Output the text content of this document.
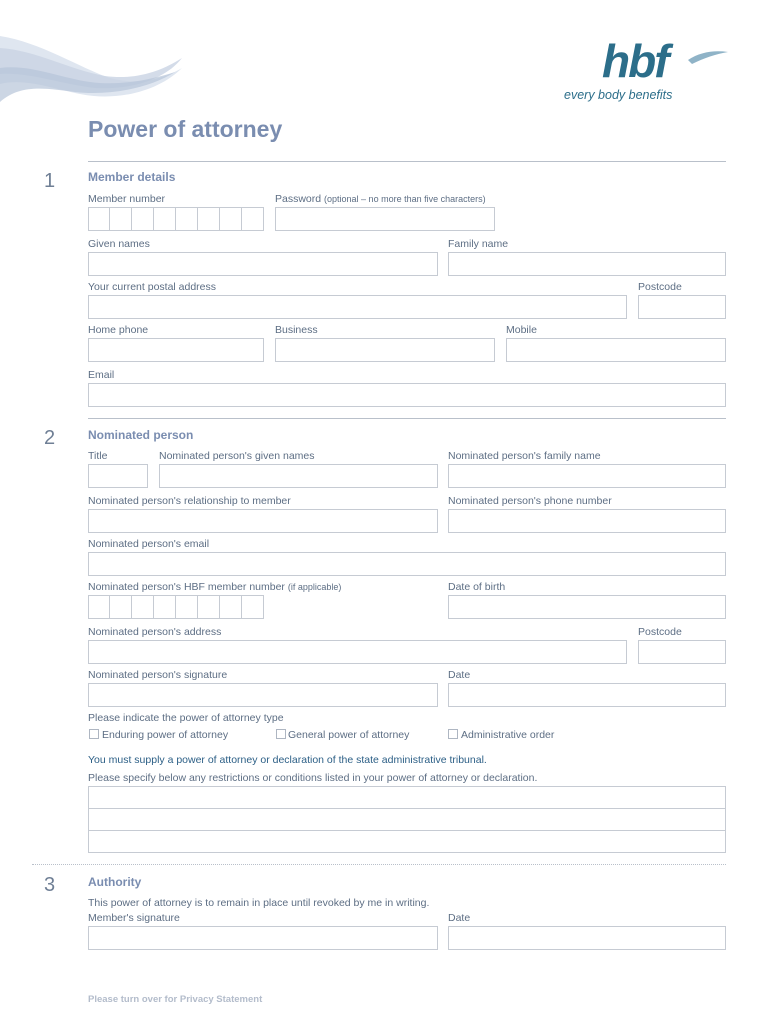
hbf
every body benefits
Power of attorney
1	Member details
Member number	Password (optional – no more than five characters)
Given names	Family name
Your current postal address	Postcode
Home phone	Business	Mobile
Email
2	Nominated person
Title	Nominated person's given names	Nominated person's family name
Nominated person's relationship to member	Nominated person's phone number
Nominated person's email
Nominated person's HBF member number (if applicable)	Date of birth
Nominated person's address	Postcode
Nominated person's signature	Date
Please indicate the power of attorney type
Enduring power of attorney	General power of attorney	Administrative order
You must supply a power of attorney or declaration of the state administrative tribunal.
Please specify below any restrictions or conditions listed in your power of attorney or declaration.
3	Authority
This power of attorney is to remain in place until revoked by me in writing.
Member's signature	Date
Please turn over for Privacy Statement
